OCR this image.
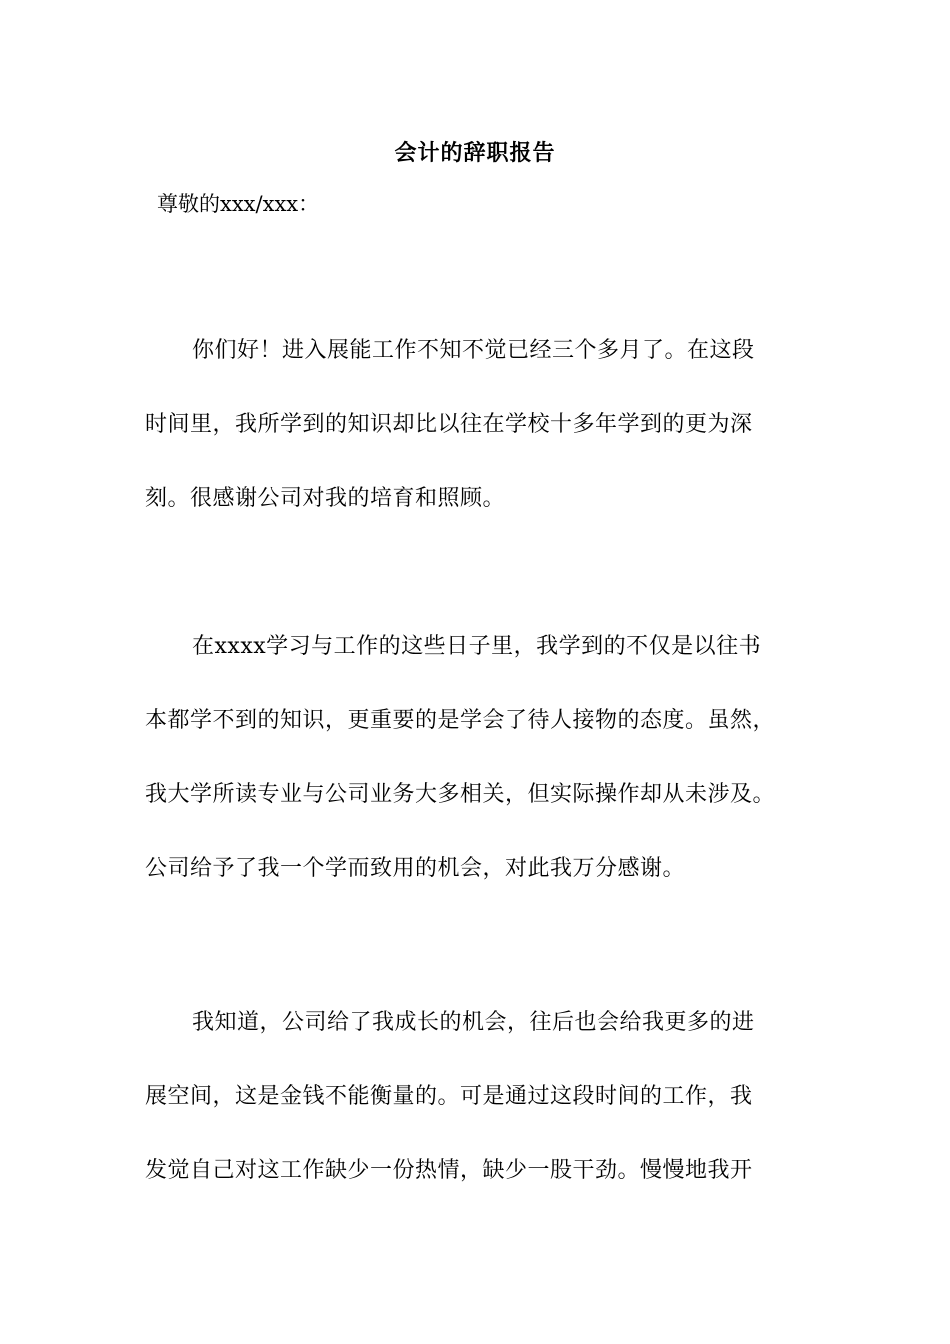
会计的辞职报告
尊敬的xxx/xxx：
你们好！进入展能工作不知不觉已经三个多月了。在这段
时间里，我所学到的知识却比以往在学校十多年学到的更为深
刻。很感谢公司对我的培育和照顾。
在xxxx学习与工作的这些日子里，我学到的不仅是以往书
本都学不到的知识，更重要的是学会了待人接物的态度。虽然，
我大学所读专业与公司业务大多相关，但实际操作却从未涉及。
公司给予了我一个学而致用的机会，对此我万分感谢。
我知道，公司给了我成长的机会，往后也会给我更多的进
展空间，这是金钱不能衡量的。可是通过这段时间的工作，我
发觉自己对这工作缺少一份热情，缺少一股干劲。慢慢地我开
